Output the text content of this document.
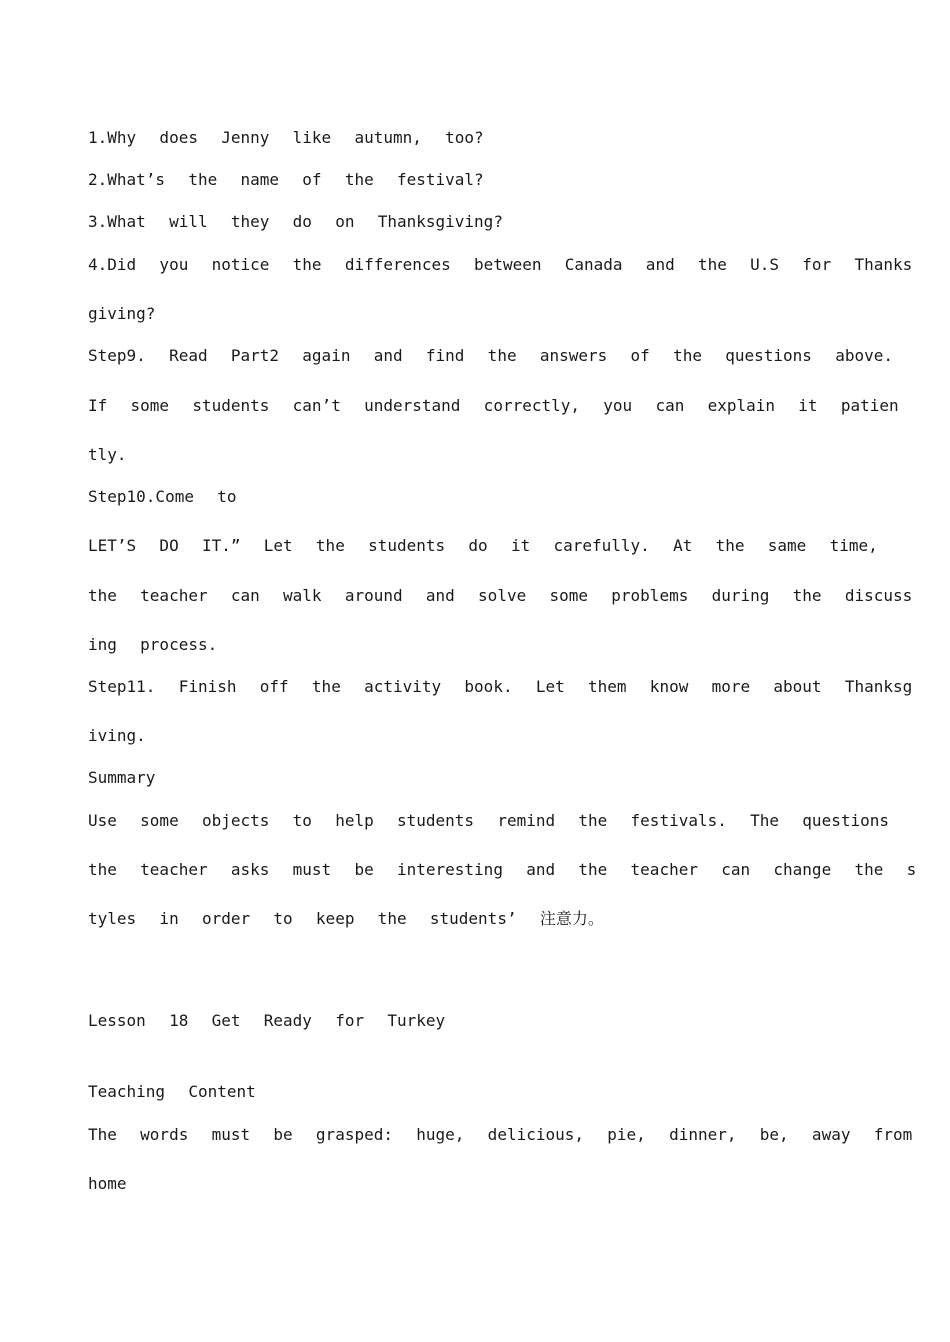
1.Why  does  Jenny  like  autumn,  too?
2.What’s  the  name  of  the  festival?
3.What  will  they  do  on  Thanksgiving?
4.Did  you  notice  the  differences  between  Canada  and  the  U.S  for  Thanks
giving?
Step9.  Read  Part2  again  and  find  the  answers  of  the  questions  above.
If  some  students  can’t  understand  correctly,  you  can  explain  it  patien
tly.
Step10.Come  to
LET’S  DO  IT.”  Let  the  students  do  it  carefully.  At  the  same  time,
the  teacher  can  walk  around  and  solve  some  problems  during  the  discuss
ing  process.
Step11.  Finish  off  the  activity  book.  Let  them  know  more  about  Thanksg
iving.
Summary
Use  some  objects  to  help  students  remind  the  festivals.  The  questions
the  teacher  asks  must  be  interesting  and  the  teacher  can  change  the  s
tyles  in  order  to  keep  the  students’  注意力。
Lesson  18  Get  Ready  for  Turkey
Teaching  Content
The  words  must  be  grasped:  huge,  delicious,  pie,  dinner,  be,  away  from
home
